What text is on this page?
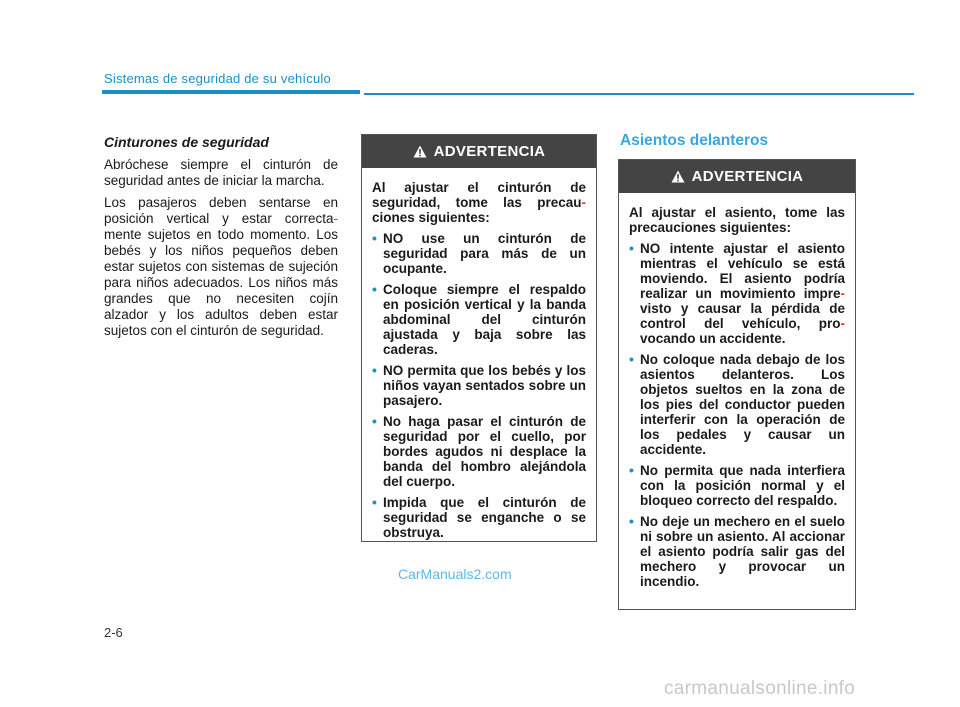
Sistemas de seguridad de su vehículo
Cinturones de seguridad

Abróchese siempre el cinturón de seguridad antes de iniciar la marcha.

Los pasajeros deben sentarse en posición vertical y estar correcta- mente sujetos en todo momento. Los bebés y los niños pequeños deben estar sujetos con sistemas de sujeción para niños adecuados. Los niños más grandes que no necesiten cojín alzador y los adultos deben estar sujetos con el cinturón de seguridad.

ADVERTENCIA

Al ajustar el cinturón de seguridad, tome las precau- ciones siguientes:

• NO use un cinturón de seguridad para más de un ocupante.
• Coloque siempre el respaldo en posición vertical y la banda abdominal del cinturón ajustada y baja sobre las caderas.
• NO permita que los bebés y los niños vayan sentados sobre un pasajero.
• No haga pasar el cinturón de seguridad por el cuello, por bordes agudos ni desplace la banda del hombro alejándola del cuerpo.
• Impida que el cinturón de seguridad se enganche o se obstruya.
Asientos delanteros
ADVERTENCIA

Al ajustar el asiento, tome las precauciones siguientes:

• NO intente ajustar el asiento mientras el vehículo se está moviendo. El asiento podría realizar un movimiento impre- visto y causar la pérdida de control del vehículo, pro- vocando un accidente.
• No coloque nada debajo de los asientos delanteros. Los objetos sueltos en la zona de los pies del conductor pueden interferir con la operación de los pedales y causar un accidente.
• No permita que nada interfiera con la posición normal y el bloqueo correcto del respaldo.
• No deje un mechero en el suelo ni sobre un asiento. Al accionar el asiento podría salir gas del mechero y provocar un incendio.
CarManuals2.com
2-6
carmanualsonline.info
